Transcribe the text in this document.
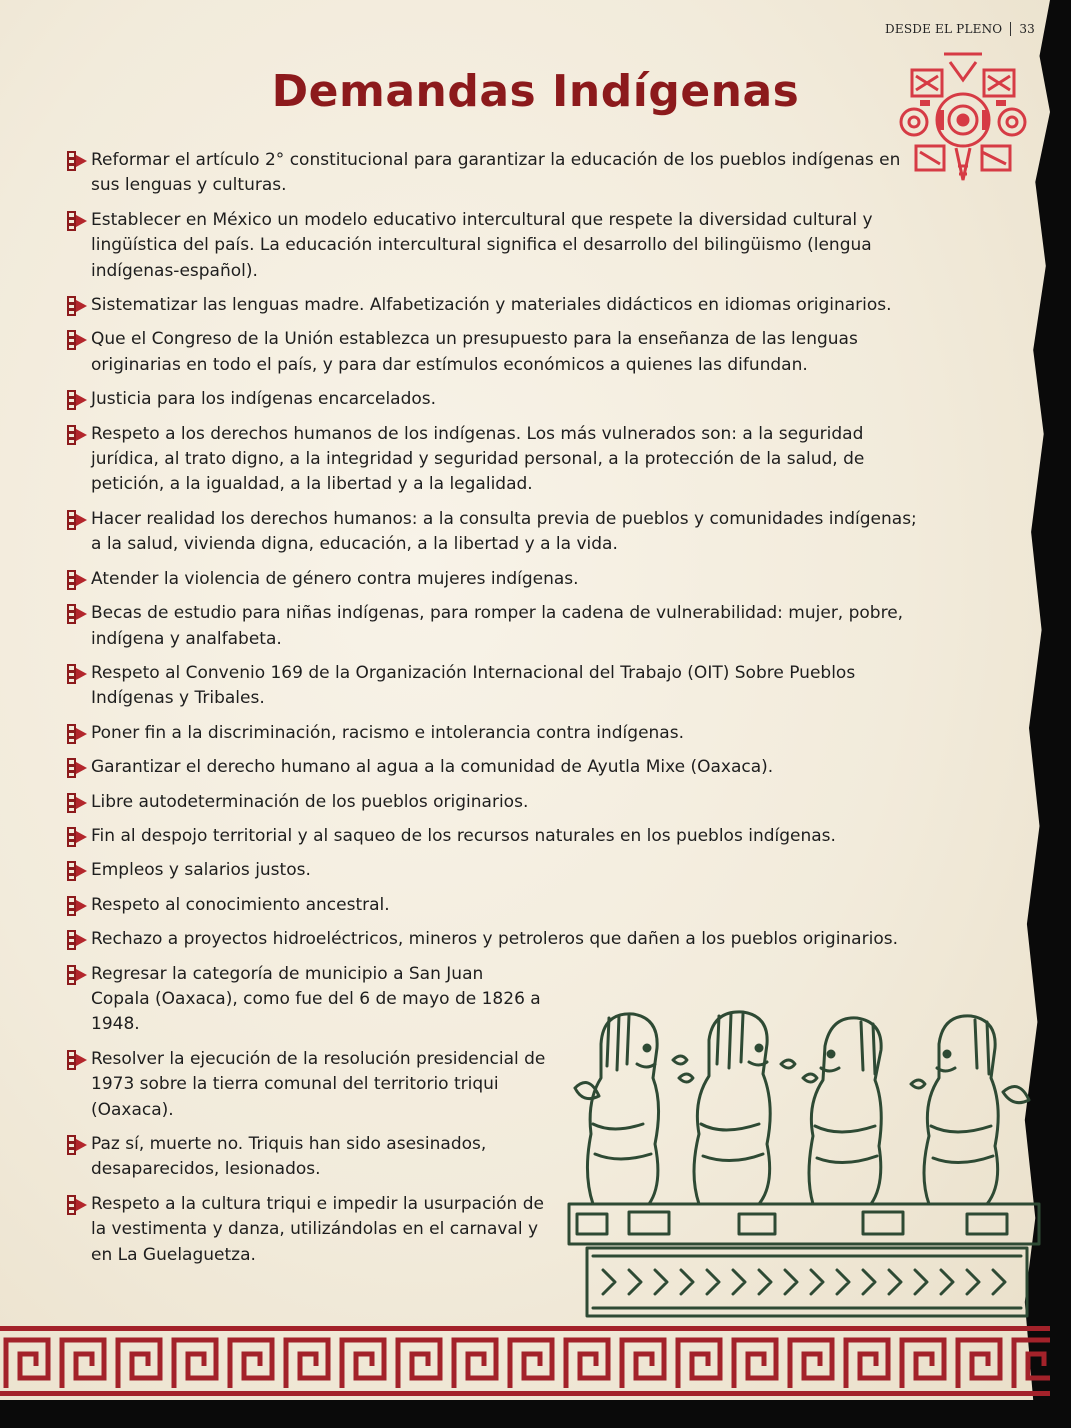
DESDE EL PLENO 33
Demandas Indígenas
Reformar el artículo 2° constitucional para garantizar la educación de los pueblos indígenas en sus lenguas y culturas.
Establecer en México un modelo educativo intercultural que respete la diversidad cultural y lingüística del país. La educación intercultural significa el desarrollo del bilingüismo (lengua indígenas-español).
Sistematizar las lenguas madre. Alfabetización y materiales didácticos en idiomas originarios.
Que el Congreso de la Unión establezca un presupuesto para la enseñanza de las lenguas originarias en todo el país, y para dar estímulos económicos a quienes las difundan.
Justicia para los indígenas encarcelados.
Respeto a los derechos humanos de los indígenas. Los más vulnerados son: a la seguridad jurídica, al trato digno, a la integridad y seguridad personal, a la protección de la salud, de petición, a la igualdad, a la libertad y a la legalidad.
Hacer realidad los derechos humanos: a la consulta previa de pueblos y comunidades indígenas; a la salud, vivienda digna, educación, a la libertad y a la vida.
Atender la violencia de género contra mujeres indígenas.
Becas de estudio para niñas indígenas, para romper la cadena de vulnerabilidad: mujer, pobre, indígena y analfabeta.
Respeto al Convenio 169 de la Organización Internacional del Trabajo (OIT) Sobre Pueblos Indígenas y Tribales.
Poner fin a la discriminación, racismo e intolerancia contra indígenas.
Garantizar el derecho humano al agua a la comunidad de Ayutla Mixe (Oaxaca).
Libre autodeterminación de los pueblos originarios.
Fin al despojo territorial y al saqueo de los recursos naturales en los pueblos indígenas.
Empleos y salarios justos.
Respeto al conocimiento ancestral.
Rechazo a proyectos hidroeléctricos, mineros y petroleros que dañen a los pueblos originarios.
Regresar la categoría de municipio a San Juan Copala (Oaxaca), como fue del 6 de mayo de 1826 a 1948.
Resolver la ejecución de la resolución presidencial de 1973 sobre la tierra comunal del territorio triqui (Oaxaca).
Paz sí, muerte no. Triquis han sido asesinados, desaparecidos, lesionados.
Respeto a la cultura triqui e impedir la usurpación de la vestimenta y danza, utilizándolas en el carnaval y en La Guelaguetza.
